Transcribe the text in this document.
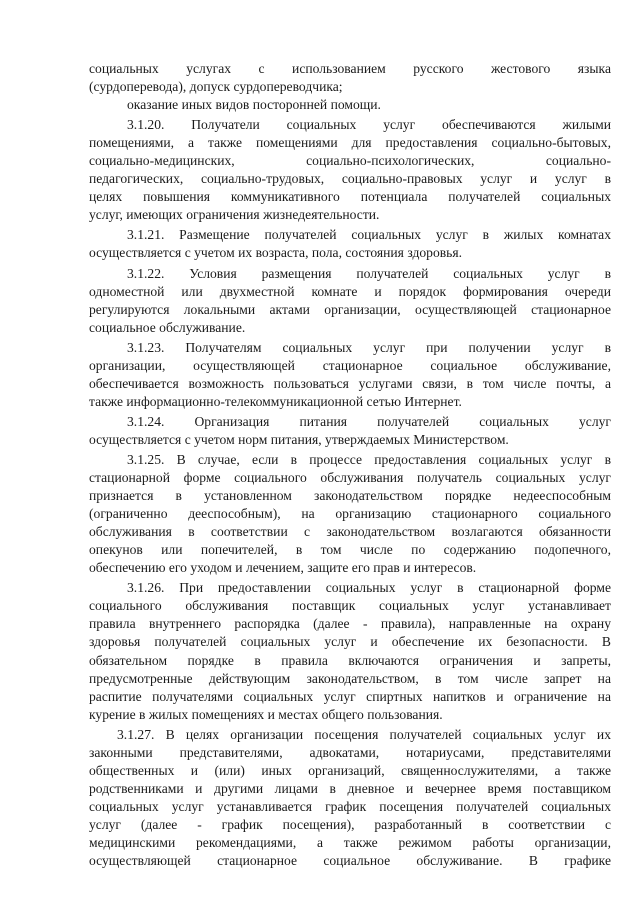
социальных услугах с использованием русского жестового языка

(сурдоперевода), допуск сурдопереводчика;

оказание иных видов посторонней помощи.

3.1.20. Получатели социальных услуг обеспечиваются жилыми

помещениями, а также помещениями для предоставления социально-бытовых,

социально-медицинских, социально-психологических, социально-

педагогических, социально-трудовых, социально-правовых услуг и услуг в

целях повышения коммуникативного потенциала получателей социальных

услуг, имеющих ограничения жизнедеятельности.

3.1.21. Размещение получателей социальных услуг в жилых комнатах

осуществляется с учетом их возраста, пола, состояния здоровья.

3.1.22. Условия размещения получателей социальных услуг в

одноместной или двухместной комнате и порядок формирования очереди

регулируются локальными актами организации, осуществляющей стационарное

социальное обслуживание.

3.1.23. Получателям социальных услуг при получении услуг в

организации, осуществляющей стационарное социальное обслуживание,

обеспечивается возможность пользоваться услугами связи, в том числе почты, а

также информационно-телекоммуникационной сетью Интернет.

3.1.24. Организация питания получателей социальных услуг

осуществляется с учетом норм питания, утверждаемых Министерством.

3.1.25. В случае, если в процессе предоставления социальных услуг в

стационарной форме социального обслуживания получатель социальных услуг

признается в установленном законодательством порядке недееспособным

(ограниченно дееспособным), на организацию стационарного социального

обслуживания в соответствии с законодательством возлагаются обязанности

опекунов или попечителей, в том числе по содержанию подопечного,

обеспечению его уходом и лечением, защите его прав и интересов.

3.1.26. При предоставлении социальных услуг в стационарной форме

социального обслуживания поставщик социальных услуг устанавливает

правила внутреннего распорядка (далее - правила), направленные на охрану

здоровья получателей социальных услуг и обеспечение их безопасности. В

обязательном порядке в правила включаются ограничения и запреты,

предусмотренные действующим законодательством, в том числе запрет на

распитие получателями социальных услуг спиртных напитков и ограничение на

курение в жилых помещениях и местах общего пользования.

3.1.27. В целях организации посещения получателей социальных услуг их

законными представителями, адвокатами, нотариусами, представителями

общественных и (или) иных организаций, священнослужителями, а также

родственниками и другими лицами в дневное и вечернее время поставщиком

социальных услуг устанавливается график посещения получателей социальных

услуг (далее - график посещения), разработанный в соответствии с

медицинскими рекомендациями, а также режимом работы организации,

осуществляющей стационарное социальное обслуживание. В графике
